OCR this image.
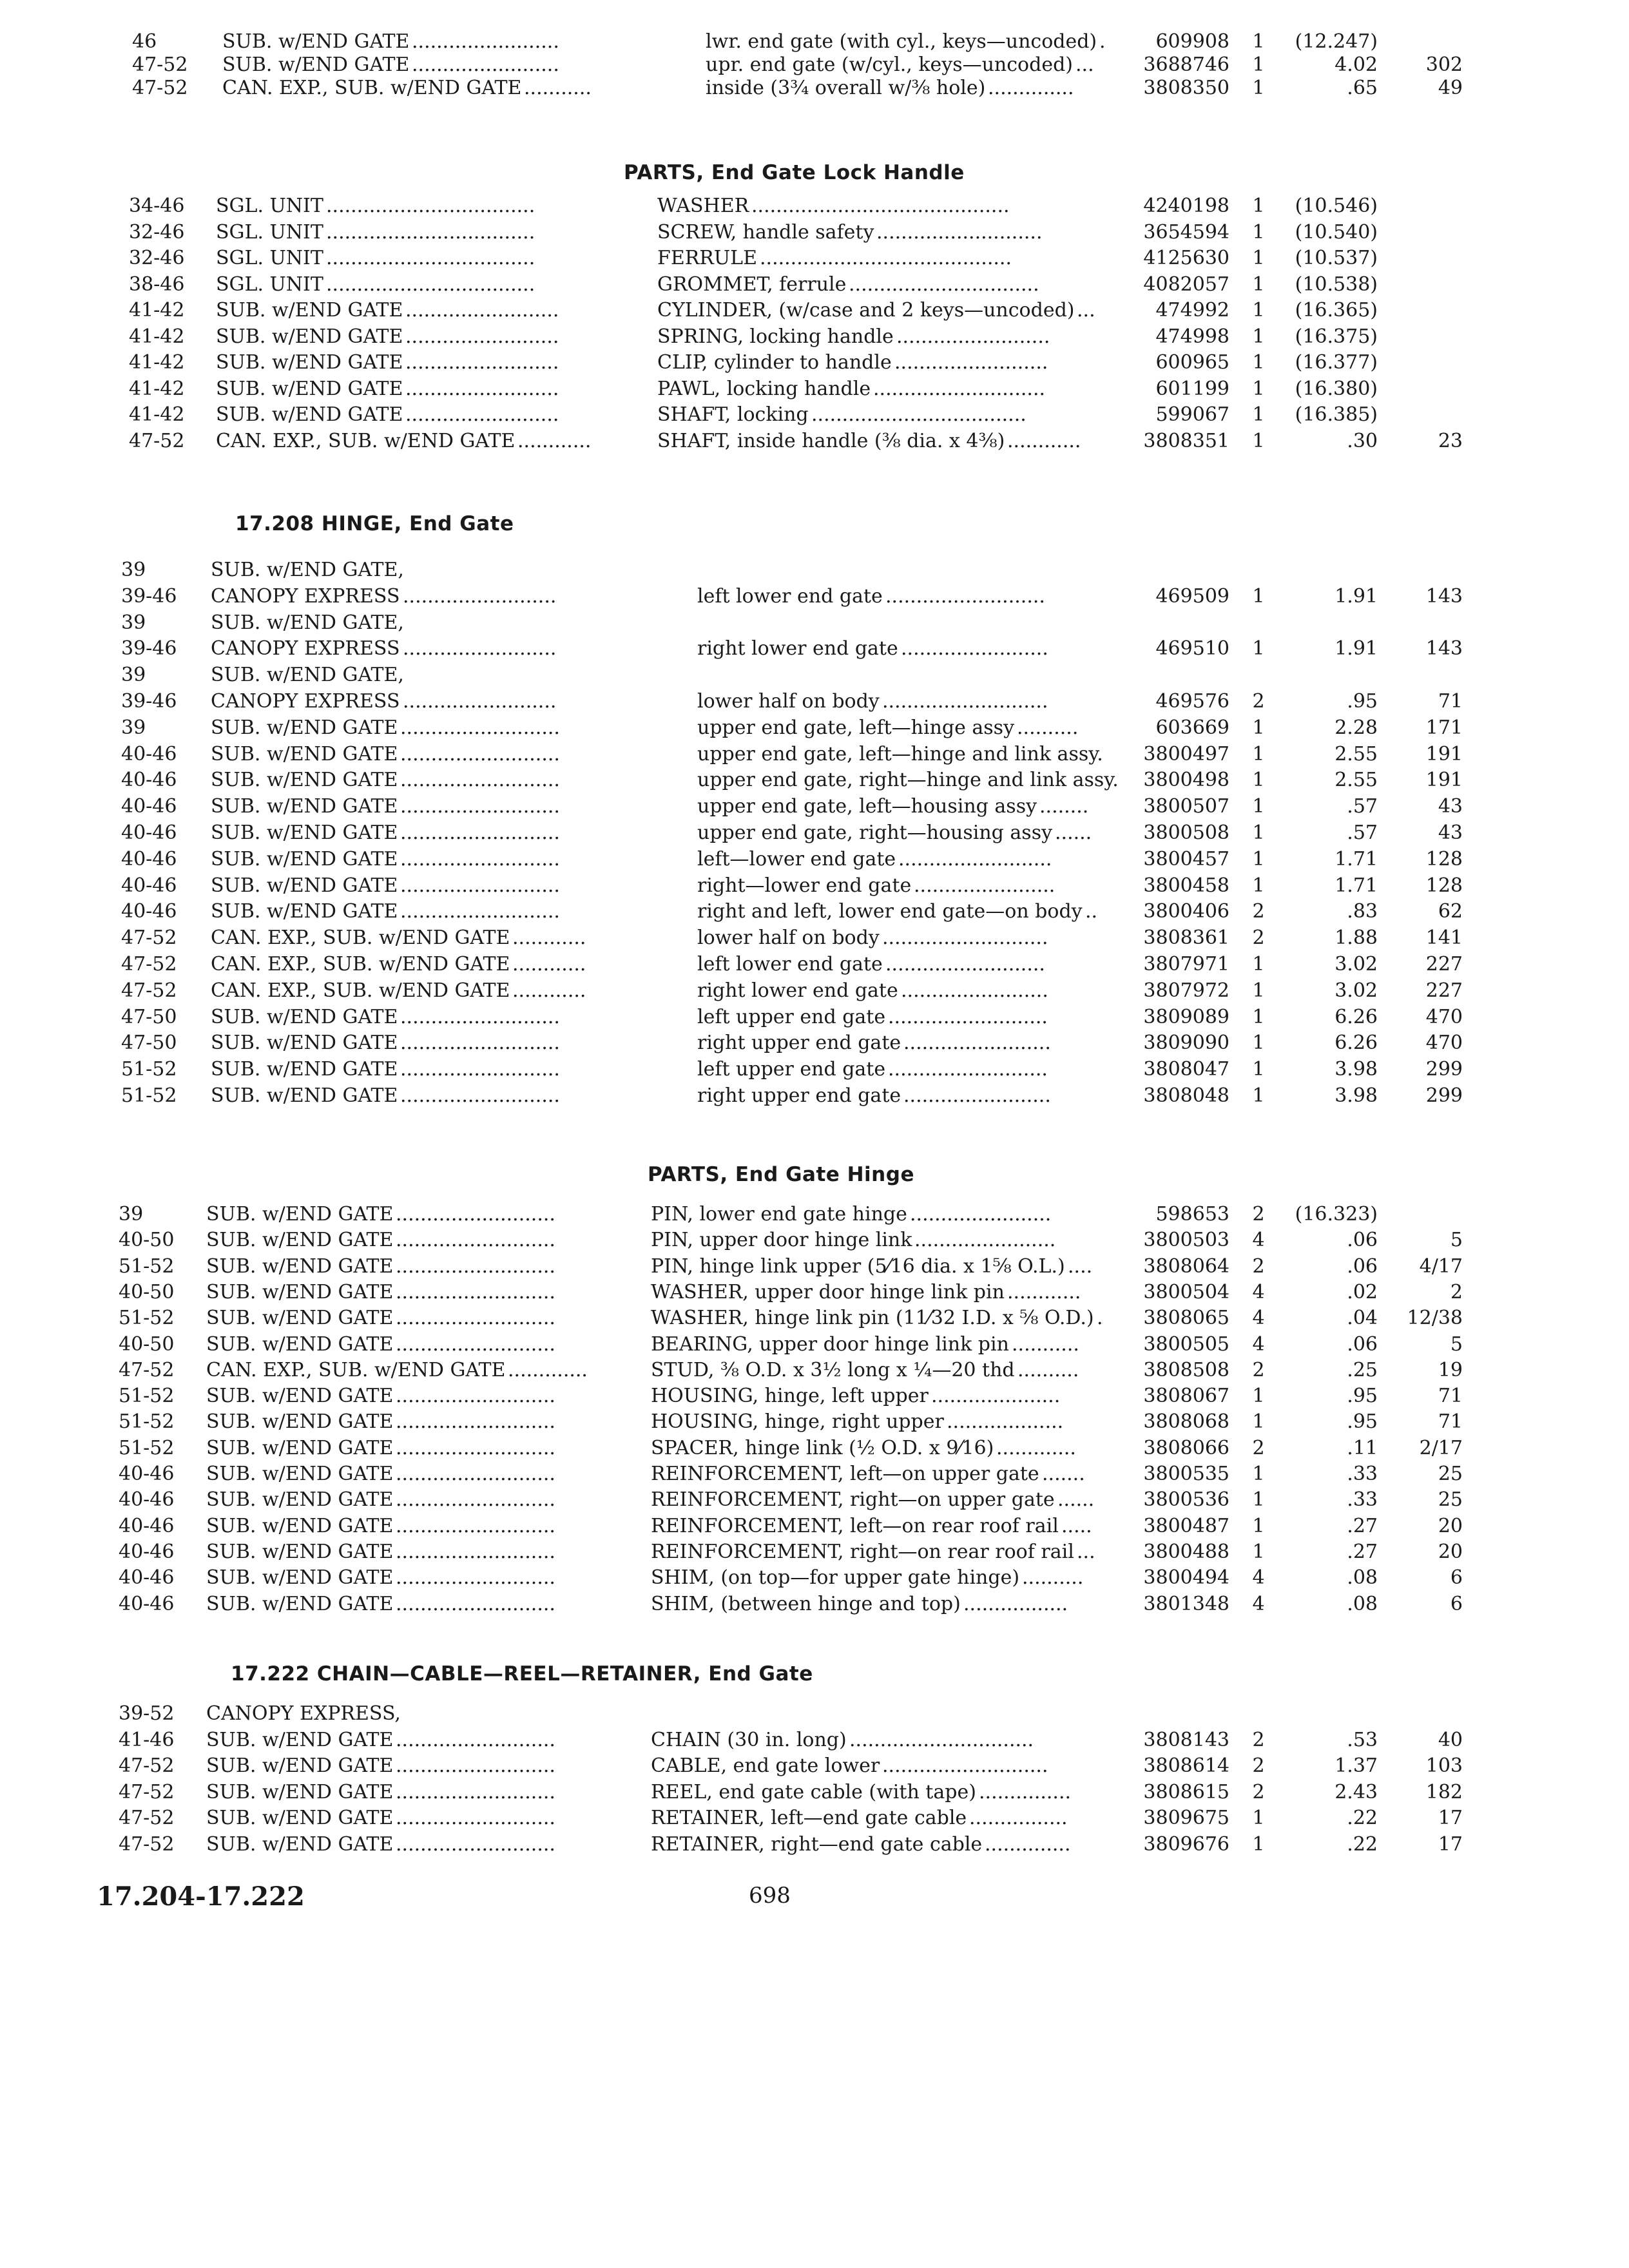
17.204-17.222	698
46	SUB. w/END GATE	lwr. end gate (with cyl., keys—uncoded)	609908 1	(12.247)
........................	.
47-52 SUB. w/END GATE	upr. end gate (w/cyl., keys—uncoded)	3688746 1	4.02	302
........................	...
47-52 CAN. EXP., SUB. w/END GATE	inside (3¾ overall w/⅜ hole)	3808350 1	.65	49
...........	..............
PARTS, End Gate Lock Handle
34-46 SGL. UNIT	WASHER	4240198 1	(10.546)
..................................	..........................................
32-46 SGL. UNIT	SCREW, handle safety	3654594 1	(10.540)
..................................	...........................
32-46 SGL. UNIT	FERRULE	4125630 1	(10.537)
..................................	.........................................
38-46 SGL. UNIT	GROMMET, ferrule	4082057 1	(10.538)
..................................	...............................
41-42 SUB. w/END GATE	CYLINDER, (w/case and 2 keys—uncoded)	474992 1	(16.365)
.........................	...
41-42 SUB. w/END GATE	SPRING, locking handle	474998 1	(16.375)
.........................	.........................
41-42 SUB. w/END GATE	CLIP, cylinder to handle	600965 1	(16.377)
.........................	.........................
41-42 SUB. w/END GATE	PAWL, locking handle	601199 1	(16.380)
.........................	............................
41-42 SUB. w/END GATE	SHAFT, locking	599067 1	(16.385)
.........................	...................................
47-52 CAN. EXP., SUB. w/END GATE	SHAFT, inside handle (⅜ dia. x 4⅜)	3808351 1	.30	23
............	............
17.208 HINGE, End Gate
39	SUB. w/END GATE,
39-46 CANOPY EXPRESS	left lower end gate	469509 1	1.91	143
.........................	..........................
39	SUB. w/END GATE,
39-46 CANOPY EXPRESS	right lower end gate	469510 1	1.91	143
.........................	........................
39	SUB. w/END GATE,
39-46 CANOPY EXPRESS	lower half on body	469576 2	.95	71
.........................	...........................
39	SUB. w/END GATE	upper end gate, left—hinge assy	603669 1	2.28	171
..........................	..........
40-46 SUB. w/END GATE	upper end gate, left—hinge and link assy.	3800497 1	2.55	191
..........................
40-46 SUB. w/END GATE	upper end gate, right—hinge and link assy.	3800498 1	2.55	191
..........................
40-46 SUB. w/END GATE	upper end gate, left—housing assy	3800507 1	.57	43
..........................	........
40-46 SUB. w/END GATE	upper end gate, right—housing assy	3800508 1	.57	43
..........................	......
40-46 SUB. w/END GATE	left—lower end gate	3800457 1	1.71	128
..........................	.........................
40-46 SUB. w/END GATE	right—lower end gate	3800458 1	1.71	128
..........................	.......................
40-46 SUB. w/END GATE	right and left, lower end gate—on body	3800406 2	.83	62
..........................	..
47-52 CAN. EXP., SUB. w/END GATE	lower half on body	3808361 2	1.88	141
............	...........................
47-52 CAN. EXP., SUB. w/END GATE	left lower end gate	3807971 1	3.02	227
............	..........................
47-52 CAN. EXP., SUB. w/END GATE	right lower end gate	3807972 1	3.02	227
............	........................
47-50 SUB. w/END GATE	left upper end gate	3809089 1	6.26	470
..........................	..........................
47-50 SUB. w/END GATE	right upper end gate	3809090 1	6.26	470
..........................	........................
51-52 SUB. w/END GATE	left upper end gate	3808047 1	3.98	299
..........................	..........................
51-52 SUB. w/END GATE	right upper end gate	3808048 1	3.98	299
..........................	........................
PARTS, End Gate Hinge
39	SUB. w/END GATE	PIN, lower end gate hinge	598653 2	(16.323)
..........................	.......................
40-50 SUB. w/END GATE	PIN, upper door hinge link	3800503 4	.06	5
..........................	.......................
51-52 SUB. w/END GATE	PIN, hinge link upper (5⁄16 dia. x 1⅝ O.L.)	3808064 2	.06	4/17
..........................	....
40-50 SUB. w/END GATE	WASHER, upper door hinge link pin	3800504 4	.02	2
..........................	............
51-52 SUB. w/END GATE	WASHER, hinge link pin (11⁄32 I.D. x ⅝ O.D.)	3808065 4	.04	12/38
..........................	.
40-50 SUB. w/END GATE	BEARING, upper door hinge link pin	3800505 4	.06	5
..........................	...........
47-52 CAN. EXP., SUB. w/END GATE	STUD, ⅜ O.D. x 3½ long x ¼—20 thd	3808508 2	.25	19
.............	..........
51-52 SUB. w/END GATE	HOUSING, hinge, left upper	3808067 1	.95	71
..........................	.....................
51-52 SUB. w/END GATE	HOUSING, hinge, right upper	3808068 1	.95	71
..........................	...................
51-52 SUB. w/END GATE	SPACER, hinge link (½ O.D. x 9⁄16)	3808066 2	.11	2/17
..........................	.............
40-46 SUB. w/END GATE	REINFORCEMENT, left—on upper gate	3800535 1	.33	25
..........................	.......
40-46 SUB. w/END GATE	REINFORCEMENT, right—on upper gate	3800536 1	.33	25
..........................	......
40-46 SUB. w/END GATE	REINFORCEMENT, left—on rear roof rail	3800487 1	.27	20
..........................	.....
40-46 SUB. w/END GATE	REINFORCEMENT, right—on rear roof rail	3800488 1	.27	20
..........................	...
40-46 SUB. w/END GATE	SHIM, (on top—for upper gate hinge)	3800494 4	.08	6
..........................	..........
40-46 SUB. w/END GATE	SHIM, (between hinge and top)	3801348 4	.08	6
..........................	.................
17.222 CHAIN—CABLE—REEL—RETAINER, End Gate
39-52 CANOPY EXPRESS,
41-46 SUB. w/END GATE	CHAIN (30 in. long)	3808143 2	.53	40
..........................	..............................
47-52 SUB. w/END GATE	CABLE, end gate lower	3808614 2	1.37	103
..........................	...........................
47-52 SUB. w/END GATE	REEL, end gate cable (with tape)	3808615 2	2.43	182
..........................	...............
47-52 SUB. w/END GATE	RETAINER, left—end gate cable	3809675 1	.22	17
..........................	................
47-52 SUB. w/END GATE	RETAINER, right—end gate cable	3809676 1	.22	17
..........................	..............
